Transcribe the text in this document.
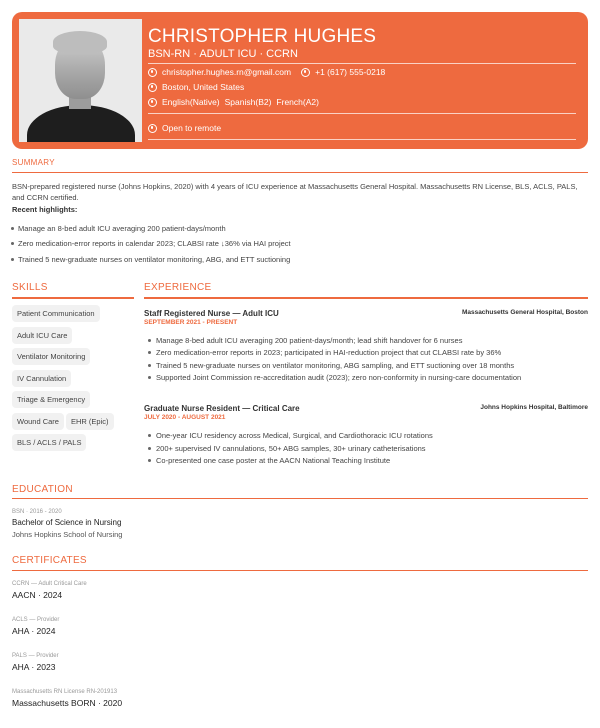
CHRISTOPHER HUGHES
BSN-RN · ADULT ICU · CCRN
christopher.hughes.rn@gmail.com	+1 (617) 555-0218
Boston, United States
English(Native) Spanish(B2) French(A2)
Open to remote
SUMMARY
BSN-prepared registered nurse (Johns Hopkins, 2020) with 4 years of ICU experience at Massachusetts General Hospital. Massachusetts RN License, BLS, ACLS, PALS,
and CCRN certified.
Recent highlights:
Manage an 8-bed adult ICU averaging 200 patient-days/month
Zero medication-error reports in calendar 2023; CLABSI rate ↓36% via HAI project
Trained 5 new-graduate nurses on ventilator monitoring, ABG, and ETT suctioning
SKILLS
Patient Communication
Adult ICU Care
Ventilator Monitoring
IV Cannulation
Triage & Emergency
Wound Care	EHR (Epic)
BLS / ACLS / PALS
EXPERIENCE
Staff Registered Nurse — Adult ICU	Massachusetts General Hospital, Boston
SEPTEMBER 2021 - PRESENT
Manage 8-bed adult ICU averaging 200 patient-days/month; lead shift handover for 6 nurses
Zero medication-error reports in 2023; participated in HAI-reduction project that cut CLABSI rate by 36%
Trained 5 new-graduate nurses on ventilator monitoring, ABG sampling, and ETT suctioning over 18 months
Supported Joint Commission re-accreditation audit (2023); zero non-conformity in nursing-care documentation
Graduate Nurse Resident — Critical Care	Johns Hopkins Hospital, Baltimore
JULY 2020 - AUGUST 2021
One-year ICU residency across Medical, Surgical, and Cardiothoracic ICU rotations
200+ supervised IV cannulations, 50+ ABG samples, 30+ urinary catheterisations
Co-presented one case poster at the AACN National Teaching Institute
EDUCATION
BSN · 2016 - 2020
Bachelor of Science in Nursing
Johns Hopkins School of Nursing
CERTIFICATES
CCRN — Adult Critical Care
AACN · 2024
ACLS — Provider
AHA · 2024
PALS — Provider
AHA · 2023
Massachusetts RN License RN-201913
Massachusetts BORN · 2020
